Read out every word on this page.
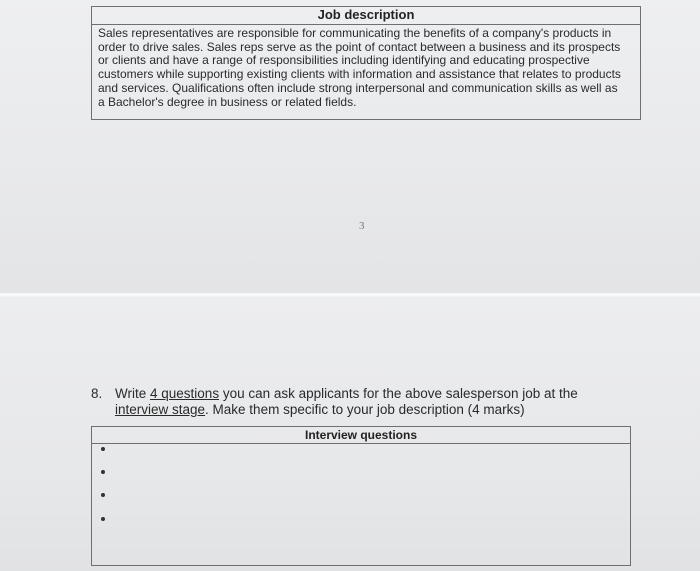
Job description
Sales representatives are responsible for communicating the benefits of a company's products in
order to drive sales. Sales reps serve as the point of contact between a business and its prospects
or clients and have a range of responsibilities including identifying and educating prospective
customers while supporting existing clients with information and assistance that relates to products
and services. Qualifications often include strong interpersonal and communication skills as well as
a Bachelor's degree in business or related fields.
3
8. Write 4 questions you can ask applicants for the above salesperson job at the
interview stage. Make them specific to your job description (4 marks)
Interview questions
